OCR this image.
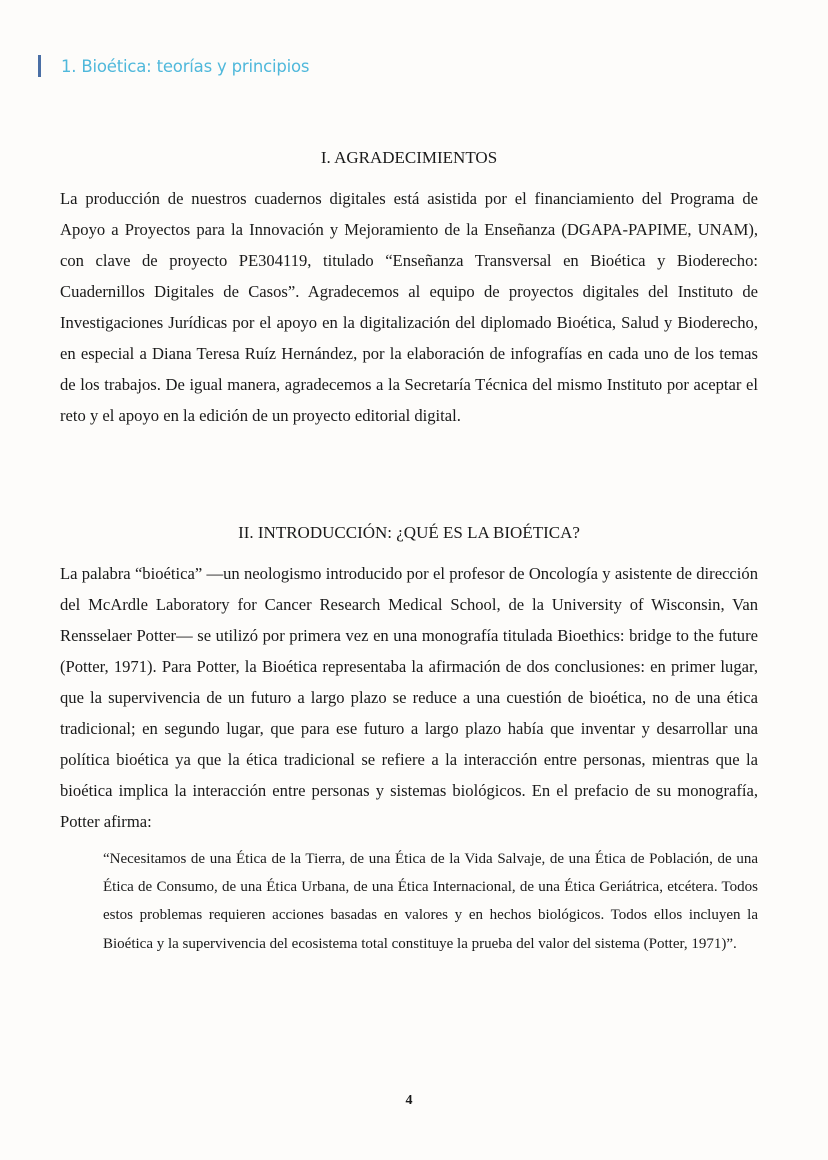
1. Bioética: teorías y principios
I. AGRADECIMIENTOS

La producción de nuestros cuadernos digitales está asistida por el financiamiento del Programa de Apoyo a Proyectos para la Innovación y Mejoramiento de la Enseñanza (DGAPA-PAPIME, UNAM), con clave de proyecto PE304119, titulado “Enseñanza Transversal en Bioética y Bioderecho: Cuadernillos Digitales de Casos”. Agradecemos al equipo de proyectos digitales del Instituto de Investigaciones Jurídicas por el apoyo en la digitalización del diplomado Bioética, Salud y Bioderecho, en especial a Diana Teresa Ruíz Hernández, por la elaboración de infografías en cada uno de los temas de los trabajos. De igual manera, agradecemos a la Secretaría Técnica del mismo Instituto por aceptar el reto y el apoyo en la edición de un proyecto editorial digital.

II. INTRODUCCIÓN: ¿QUÉ ES LA BIOÉTICA?

La palabra “bioética” —un neologismo introducido por el profesor de Oncología y asistente de dirección del McArdle Laboratory for Cancer Research Medical School, de la University of Wisconsin, Van Rensselaer Potter— se utilizó por primera vez en una monografía titulada Bioethics: bridge to the future (Potter, 1971). Para Potter, la Bioética representaba la afirmación de dos conclusiones: en primer lugar, que la supervivencia de un futuro a largo plazo se reduce a una cuestión de bioética, no de una ética tradicional; en segundo lugar, que para ese futuro a largo plazo había que inventar y desarrollar una política bioética ya que la ética tradicional se refiere a la interacción entre personas, mientras que la bioética implica la interacción entre personas y sistemas biológicos. En el prefacio de su monografía, Potter afirma:

“Necesitamos de una Ética de la Tierra, de una Ética de la Vida Salvaje, de una Ética de Población, de una Ética de Consumo, de una Ética Urbana, de una Ética Internacional, de una Ética Geriátrica, etcétera. Todos estos problemas requieren acciones basadas en valores y en hechos biológicos. Todos ellos incluyen la Bioética y la supervivencia del ecosistema total constituye la prueba del valor del sistema (Potter, 1971)”.
4
